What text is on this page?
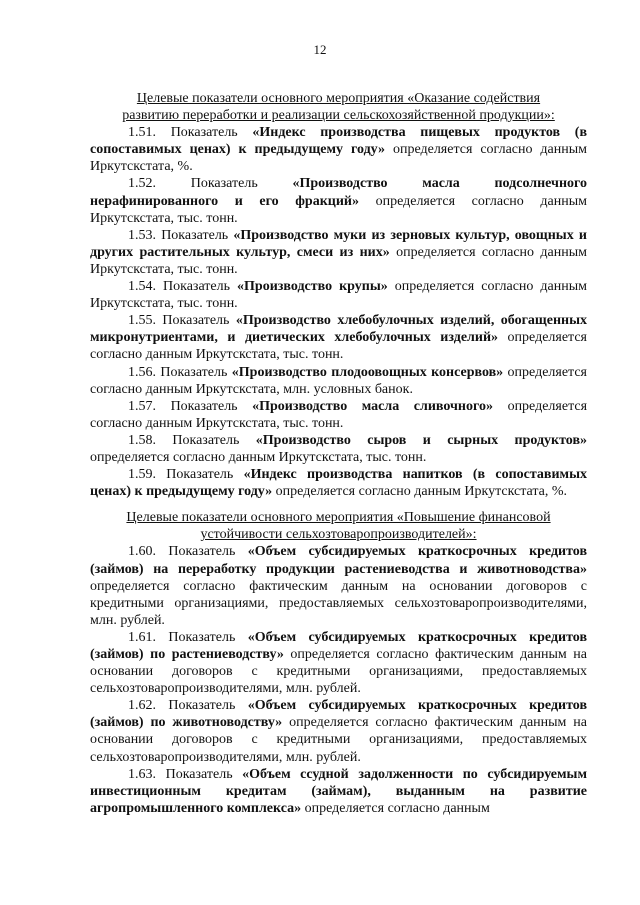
12
Целевые показатели основного мероприятия «Оказание содействия
развитию переработки и реализации сельскохозяйственной продукции»:

1.51. Показатель «Индекс производства пищевых продуктов (в сопоставимых ценах) к предыдущему году» определяется согласно данным Иркутскстата, %.

1.52. Показатель «Производство масла подсолнечного нерафинированного и его фракций» определяется согласно данным Иркутскстата, тыс. тонн.

1.53. Показатель «Производство муки из зерновых культур, овощных и других растительных культур, смеси из них» определяется согласно данным Иркутскстата, тыс. тонн.

1.54. Показатель «Производство крупы» определяется согласно данным Иркутскстата, тыс. тонн.

1.55. Показатель «Производство хлебобулочных изделий, обогащенных микронутриентами, и диетических хлебобулочных изделий» определяется согласно данным Иркутскстата, тыс. тонн.

1.56. Показатель «Производство плодоовощных консервов» определяется согласно данным Иркутскстата, млн. условных банок.

1.57. Показатель «Производство масла сливочного» определяется согласно данным Иркутскстата, тыс. тонн.

1.58. Показатель «Производство сыров и сырных продуктов» определяется согласно данным Иркутскстата, тыс. тонн.

1.59. Показатель «Индекс производства напитков (в сопоставимых ценах) к предыдущему году» определяется согласно данным Иркутскстата, %.

Целевые показатели основного мероприятия «Повышение финансовой
устойчивости сельхозтоваропроизводителей»:

1.60. Показатель «Объем субсидируемых краткосрочных кредитов (займов) на переработку продукции растениеводства и животноводства» определяется согласно фактическим данным на основании договоров с кредитными организациями, предоставляемых сельхозтоваропроизводителями, млн. рублей.

1.61. Показатель «Объем субсидируемых краткосрочных кредитов (займов) по растениеводству» определяется согласно фактическим данным на основании договоров с кредитными организациями, предоставляемых сельхозтоваропроизводителями, млн. рублей.

1.62. Показатель «Объем субсидируемых краткосрочных кредитов (займов) по животноводству» определяется согласно фактическим данным на основании договоров с кредитными организациями, предоставляемых сельхозтоваропроизводителями, млн. рублей.

1.63. Показатель «Объем ссудной задолженности по субсидируемым инвестиционным кредитам (займам), выданным на развитие агропромышленного комплекса» определяется согласно данным
